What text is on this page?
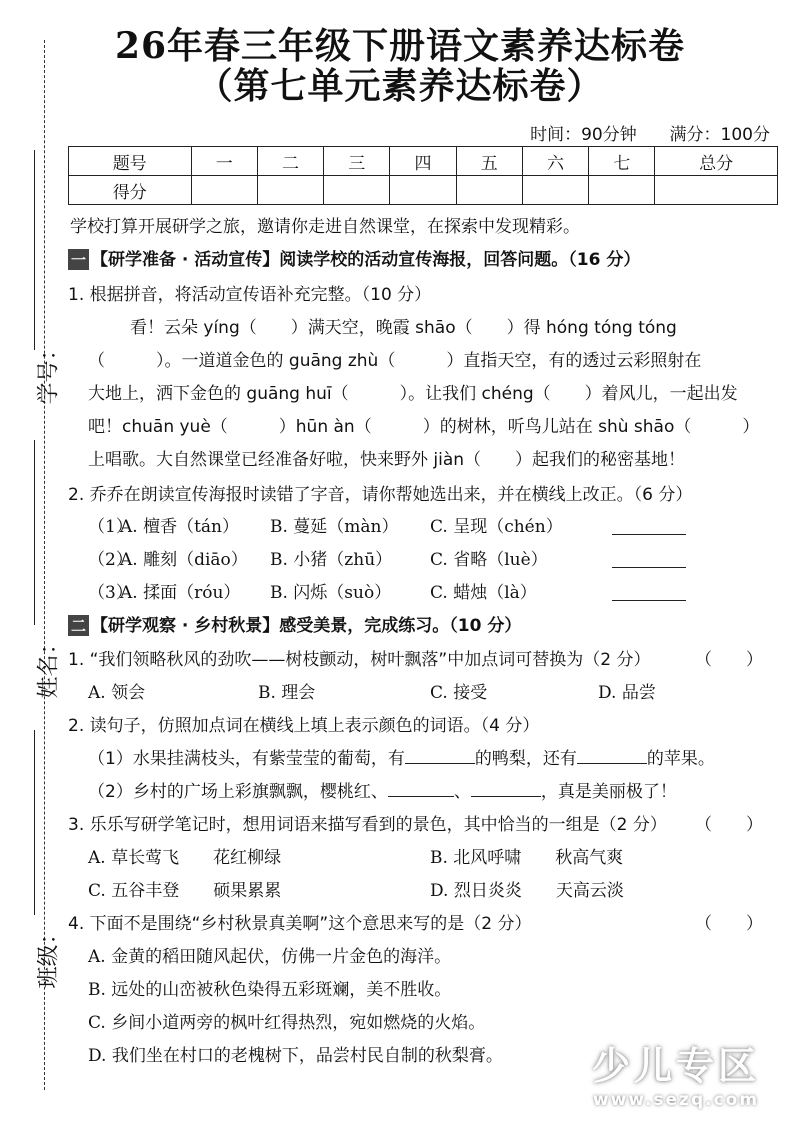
26年春三年级下册语文素养达标卷
（第七单元素养达标卷）
学号：
姓名：
班级：
时间：90分钟 满分：100分
题号	一	二	三	四	五	六	七	总分
得分								
学校打算开展研学之旅，邀请你走进自然课堂，在探索中发现精彩。
一 【研学准备 · 活动宣传】阅读学校的活动宣传海报，回答问题。（16 分）
1. 根据拼音，将活动宣传语补充完整。（10 分）
看！云朵 yíng（　　）满天空，晚霞 shāo（　　）得 hóng tóng tóng
（　　　）。一道道金色的 guāng zhù（　　　）直指天空，有的透过云彩照射在
大地上，洒下金色的 guāng huī（　　　）。让我们 chéng（　　）着风儿，一起出发
吧！chuān yuè（　　　）hūn àn（　　　）的树林，听鸟儿站在 shù shāo（　　　）
上唱歌。大自然课堂已经准备好啦，快来野外 jiàn（　　）起我们的秘密基地！
2. 乔乔在朗读宣传海报时读错了字音，请你帮她选出来，并在横线上改正。（6 分）
（1）
A. 檀香（tán） B. 蔓延（màn） C. 呈现（chén）
（2）
A. 雕刻（diāo） B. 小猪（zhū） C. 省略（luè）
（3）
A. 揉面（róu） B. 闪烁（suò） C. 蜡烛（là）
二 【研学观察 · 乡村秋景】感受美景，完成练习。（10 分）
1. “我们领略秋风的劲吹——树枝颤动，树叶飘落”中加点词可替换为（2 分）	（　　）
A. 领会	B. 理会	C. 接受	D. 品尝
2. 读句子，仿照加点词在横线上填上表示颜色的词语。（4 分）
（1）水果挂满枝头，有紫莹莹的葡萄，有	的鸭梨，还有	的苹果。
（2）乡村的广场上彩旗飘飘，樱桃红、	、	，真是美丽极了！
3. 乐乐写研学笔记时，想用词语来描写看到的景色，其中恰当的一组是（2 分） （　　）
A. 草长莺飞　　花红柳绿	B. 北风呼啸　　秋高气爽
C. 五谷丰登　　硕果累累	D. 烈日炎炎　　天高云淡
4. 下面不是围绕“乡村秋景真美啊”这个意思来写的是（2 分）	（　　）
A. 金黄的稻田随风起伏，仿佛一片金色的海洋。
B. 远处的山峦被秋色染得五彩斑斓，美不胜收。
C. 乡间小道两旁的枫叶红得热烈，宛如燃烧的火焰。
D. 我们坐在村口的老槐树下，品尝村民自制的秋梨膏。 少儿专区
www.sezq.com
